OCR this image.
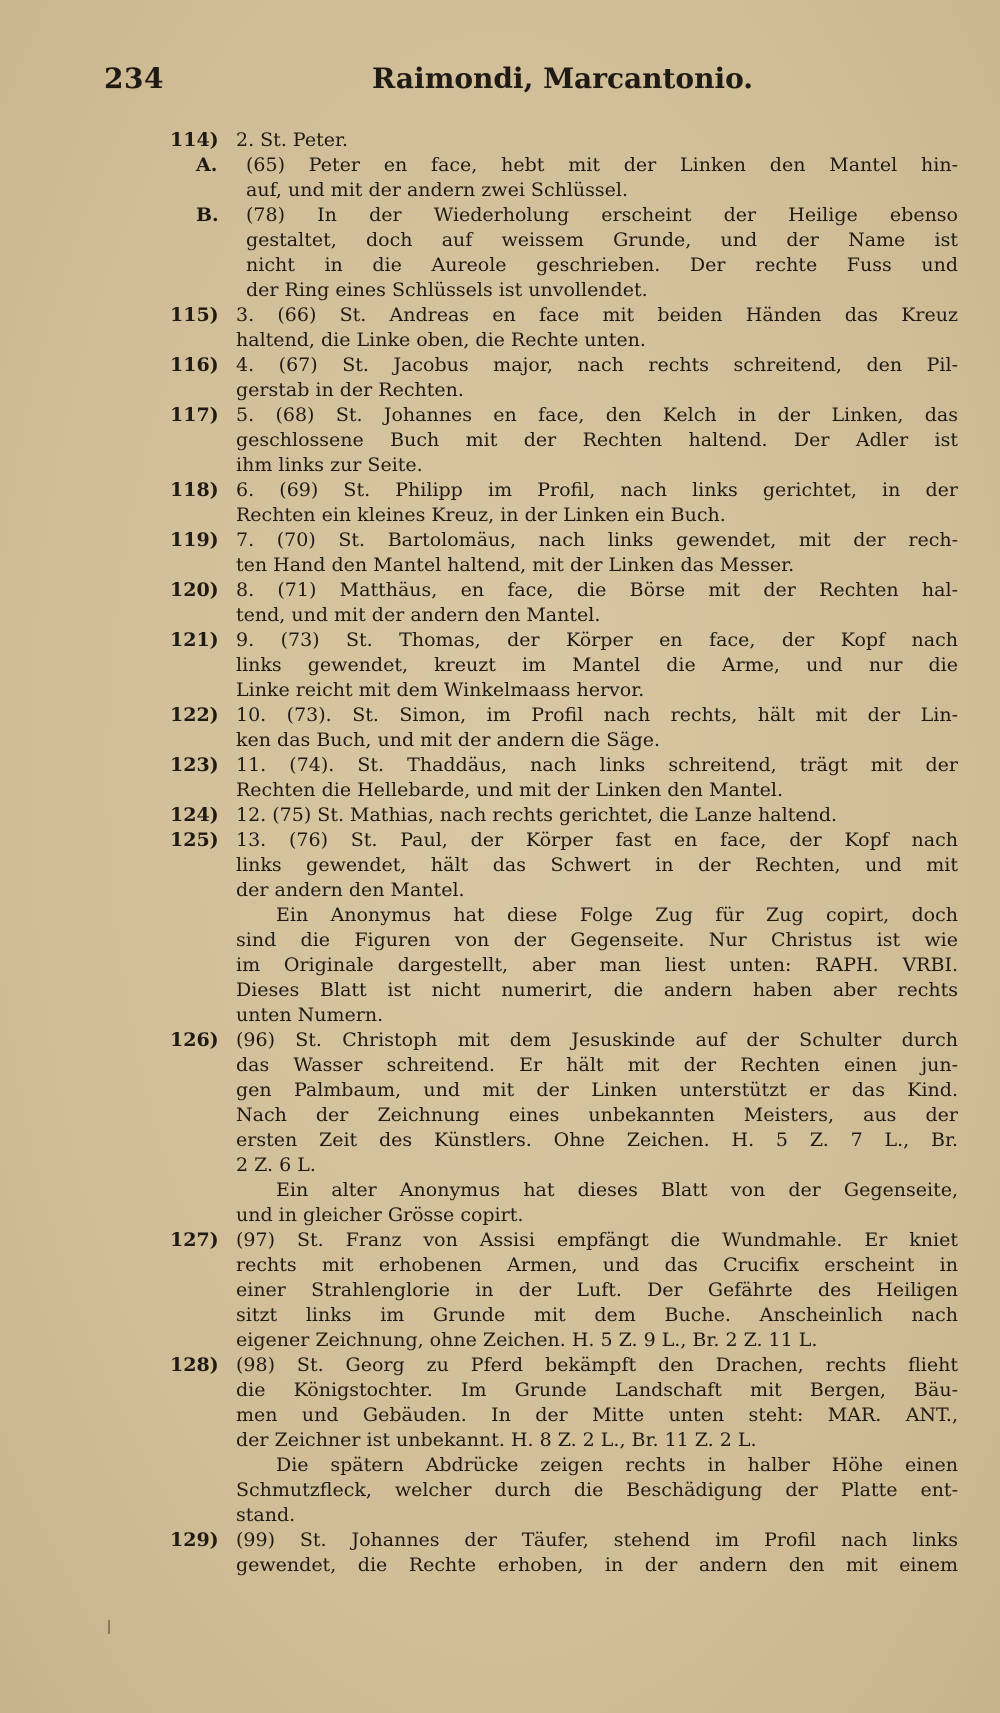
234	Raimondi, Marcantonio.
114) 2. St. Peter.
A. (65) Peter en face, hebt mit der Linken den Mantel hin-
auf, und mit der andern zwei Schlüssel.
B. (78) In der Wiederholung erscheint der Heilige ebenso
gestaltet, doch auf weissem Grunde, und der Name ist
nicht in die Aureole geschrieben. Der rechte Fuss und
der Ring eines Schlüssels ist unvollendet.
115) 3. (66) St. Andreas en face mit beiden Händen das Kreuz
haltend, die Linke oben, die Rechte unten.
116) 4. (67) St. Jacobus major, nach rechts schreitend, den Pil-
gerstab in der Rechten.
117) 5. (68) St. Johannes en face, den Kelch in der Linken, das
geschlossene Buch mit der Rechten haltend. Der Adler ist
ihm links zur Seite.
118) 6. (69) St. Philipp im Profil, nach links gerichtet, in der
Rechten ein kleines Kreuz, in der Linken ein Buch.
119) 7. (70) St. Bartolomäus, nach links gewendet, mit der rech-
ten Hand den Mantel haltend, mit der Linken das Messer.
120) 8. (71) Matthäus, en face, die Börse mit der Rechten hal-
tend, und mit der andern den Mantel.
121) 9. (73) St. Thomas, der Körper en face, der Kopf nach
links gewendet, kreuzt im Mantel die Arme, und nur die
Linke reicht mit dem Winkelmaass hervor.
122) 10. (73). St. Simon, im Profil nach rechts, hält mit der Lin-
ken das Buch, und mit der andern die Säge.
123) 11. (74). St. Thaddäus, nach links schreitend, trägt mit der
Rechten die Hellebarde, und mit der Linken den Mantel.
124) 12. (75) St. Mathias, nach rechts gerichtet, die Lanze haltend.
125) 13. (76) St. Paul, der Körper fast en face, der Kopf nach
links gewendet, hält das Schwert in der Rechten, und mit
der andern den Mantel.
Ein Anonymus hat diese Folge Zug für Zug copirt, doch
sind die Figuren von der Gegenseite. Nur Christus ist wie
im Originale dargestellt, aber man liest unten: RAPH. VRBI.
Dieses Blatt ist nicht numerirt, die andern haben aber rechts
unten Numern.
126) (96) St. Christoph mit dem Jesuskinde auf der Schulter durch
das Wasser schreitend. Er hält mit der Rechten einen jun-
gen Palmbaum, und mit der Linken unterstützt er das Kind.
Nach der Zeichnung eines unbekannten Meisters, aus der
ersten Zeit des Künstlers. Ohne Zeichen. H. 5 Z. 7 L., Br.
2 Z. 6 L.
Ein alter Anonymus hat dieses Blatt von der Gegenseite,
und in gleicher Grösse copirt.
127) (97) St. Franz von Assisi empfängt die Wundmahle. Er kniet
rechts mit erhobenen Armen, und das Crucifix erscheint in
einer Strahlenglorie in der Luft. Der Gefährte des Heiligen
sitzt links im Grunde mit dem Buche. Anscheinlich nach
eigener Zeichnung, ohne Zeichen. H. 5 Z. 9 L., Br. 2 Z. 11 L.
128) (98) St. Georg zu Pferd bekämpft den Drachen, rechts flieht
die Königstochter. Im Grunde Landschaft mit Bergen, Bäu-
men und Gebäuden. In der Mitte unten steht: MAR. ANT.,
der Zeichner ist unbekannt. H. 8 Z. 2 L., Br. 11 Z. 2 L.
Die spätern Abdrücke zeigen rechts in halber Höhe einen
Schmutzfleck, welcher durch die Beschädigung der Platte ent-
stand.
129) (99) St. Johannes der Täufer, stehend im Profil nach links
gewendet, die Rechte erhoben, in der andern den mit einem
